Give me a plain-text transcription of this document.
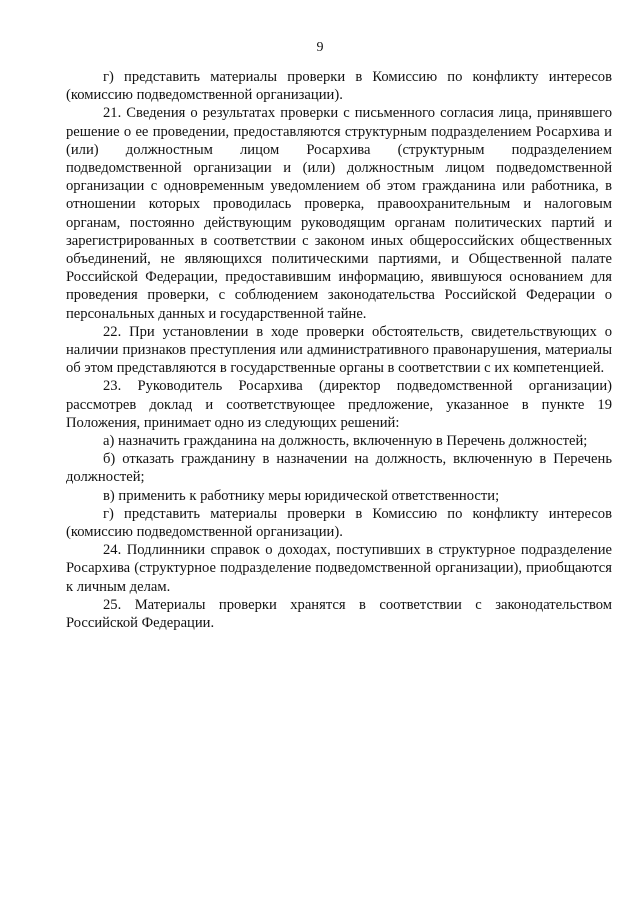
9

г) представить материалы проверки в Комиссию по конфликту интересов (комиссию подведомственной организации).

21. Сведения о результатах проверки с письменного согласия лица, принявшего решение о ее проведении, предоставляются структурным подразделением Росархива и (или) должностным лицом Росархива (структурным подразделением подведомственной организации и (или) должностным лицом подведомственной организации с одновременным уведомлением об этом гражданина или работника, в отношении которых проводилась проверка, правоохранительным и налоговым органам, постоянно действующим руководящим органам политических партий и зарегистрированных в соответствии с законом иных общероссийских общественных объединений, не являющихся политическими партиями, и Общественной палате Российской Федерации, предоставившим информацию, явившуюся основанием для проведения проверки, с соблюдением законодательства Российской Федерации о персональных данных и государственной тайне.

22. При установлении в ходе проверки обстоятельств, свидетельствующих о наличии признаков преступления или административного правонарушения, материалы об этом представляются в государственные органы в соответствии с их компетенцией.

23. Руководитель Росархива (директор подведомственной организации) рассмотрев доклад и соответствующее предложение, указанное в пункте 19 Положения, принимает одно из следующих решений:

а) назначить гражданина на должность, включенную в Перечень должностей;

б) отказать гражданину в назначении на должность, включенную в Перечень должностей;

в) применить к работнику меры юридической ответственности;

г) представить материалы проверки в Комиссию по конфликту интересов (комиссию подведомственной организации).

24. Подлинники справок о доходах, поступивших в структурное подразделение Росархива (структурное подразделение подведомственной организации), приобщаются к личным делам.

25. Материалы проверки хранятся в соответствии с законодательством Российской Федерации.
